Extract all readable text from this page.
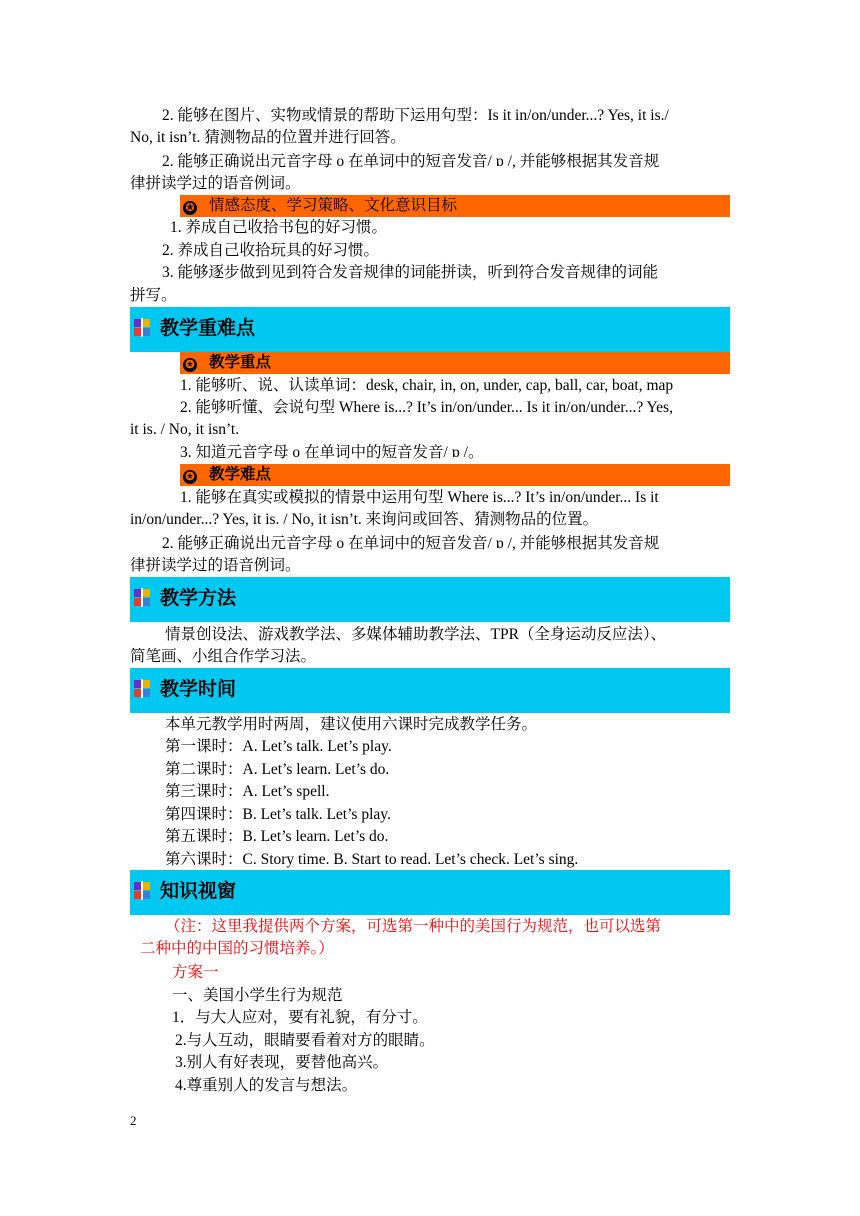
2. 能够在图片、实物或情景的帮助下运用句型：Is it in/on/under...? Yes, it is./
No, it isn’t. 猜测物品的位置并进行回答。
2. 能够正确说出元音字母 o 在单词中的短音发音/ ɒ /, 并能够根据其发音规
律拼读学过的语音例词。
✪ 情感态度、学习策略、文化意识目标
1. 养成自己收拾书包的好习惯。
2. 养成自己收拾玩具的好习惯。
3. 能够逐步做到见到符合发音规律的词能拼读，听到符合发音规律的词能
拼写。
教学重难点
✪ 教学重点
1. 能够听、说、认读单词：desk, chair, in, on, under, cap, ball, car, boat, map
2. 能够听懂、会说句型 Where is...? It’s in/on/under... Is it in/on/under...? Yes,
it is. / No, it isn’t.
3. 知道元音字母 o 在单词中的短音发音/ ɒ /。
✪ 教学难点
1. 能够在真实或模拟的情景中运用句型 Where is...? It’s in/on/under... Is it
in/on/under...? Yes, it is. / No, it isn’t. 来询问或回答、猜测物品的位置。
2. 能够正确说出元音字母 o 在单词中的短音发音/ ɒ /, 并能够根据其发音规
律拼读学过的语音例词。
教学方法
情景创设法、游戏教学法、多媒体辅助教学法、TPR（全身运动反应法）、
简笔画、小组合作学习法。
教学时间
本单元教学用时两周，建议使用六课时完成教学任务。
第一课时：A. Let’s talk. Let’s play.
第二课时：A. Let’s learn. Let’s do.
第三课时：A. Let’s spell.
第四课时：B. Let’s talk. Let’s play.
第五课时：B. Let’s learn. Let’s do.
第六课时：C. Story time. B. Start to read. Let’s check. Let’s sing.
知识视窗
（注：这里我提供两个方案，可选第一种中的美国行为规范，也可以选第
二种中的中国的习惯培养。）
方案一
一、美国小学生行为规范
1．与大人应对，要有礼貌，有分寸。
2.与人互动，眼睛要看着对方的眼睛。
3.别人有好表现，要替他高兴。
4.尊重别人的发言与想法。
2
